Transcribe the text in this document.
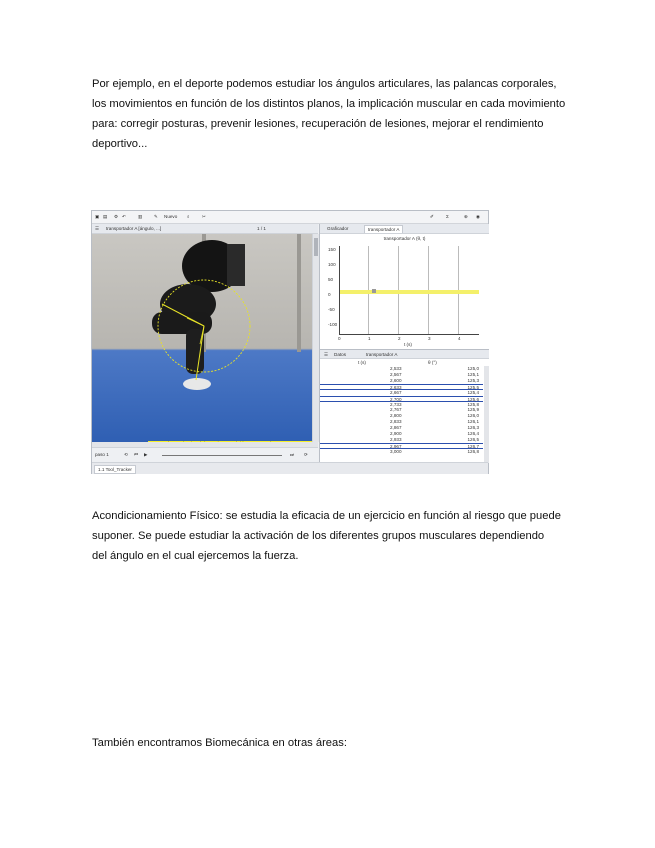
Por ejemplo, en el deporte podemos estudiar los ángulos articulares, las palancas corporales, los movimientos en función de los distintos planos, la implicación muscular en cada movimiento para: corregir posturas, prevenir lesiones, recuperación de lesiones, mejorar el rendimiento deportivo...

▣ ▤ ⚙ ↶	▥	✎ Nuevo ⌕	✂	✐	Σ	⊕ ◉
☰ transportador A [ángulo, ...]	1 / 1
paso 1	⟲ ⏮ ▶	⏭ ⟳
Graficador	transportador A
transportador A (θ, t)
150
100
50
0
-50
-100
0	1	2	3	4
t (s)
☰ Datos	transportador A
t (s)	θ (°)
2,533	125,0
2,567	125,1
2,600	125,3
2,633	125,5
2,667	125,4
2,700	125,6
2,733	125,8
2,767	125,9
2,800	126,0
2,833	126,1
2,867	126,3
2,900	126,4
2,933	126,5
2,967	126,7
3,000	126,8
1.1 Tool_Tracker

Acondicionamiento Físico: se estudia la eficacia de un ejercicio en función al riesgo que puede suponer. Se puede estudiar la activación de los diferentes grupos musculares dependiendo del ángulo en el cual ejercemos la fuerza.

También encontramos Biomecánica en otras áreas:
